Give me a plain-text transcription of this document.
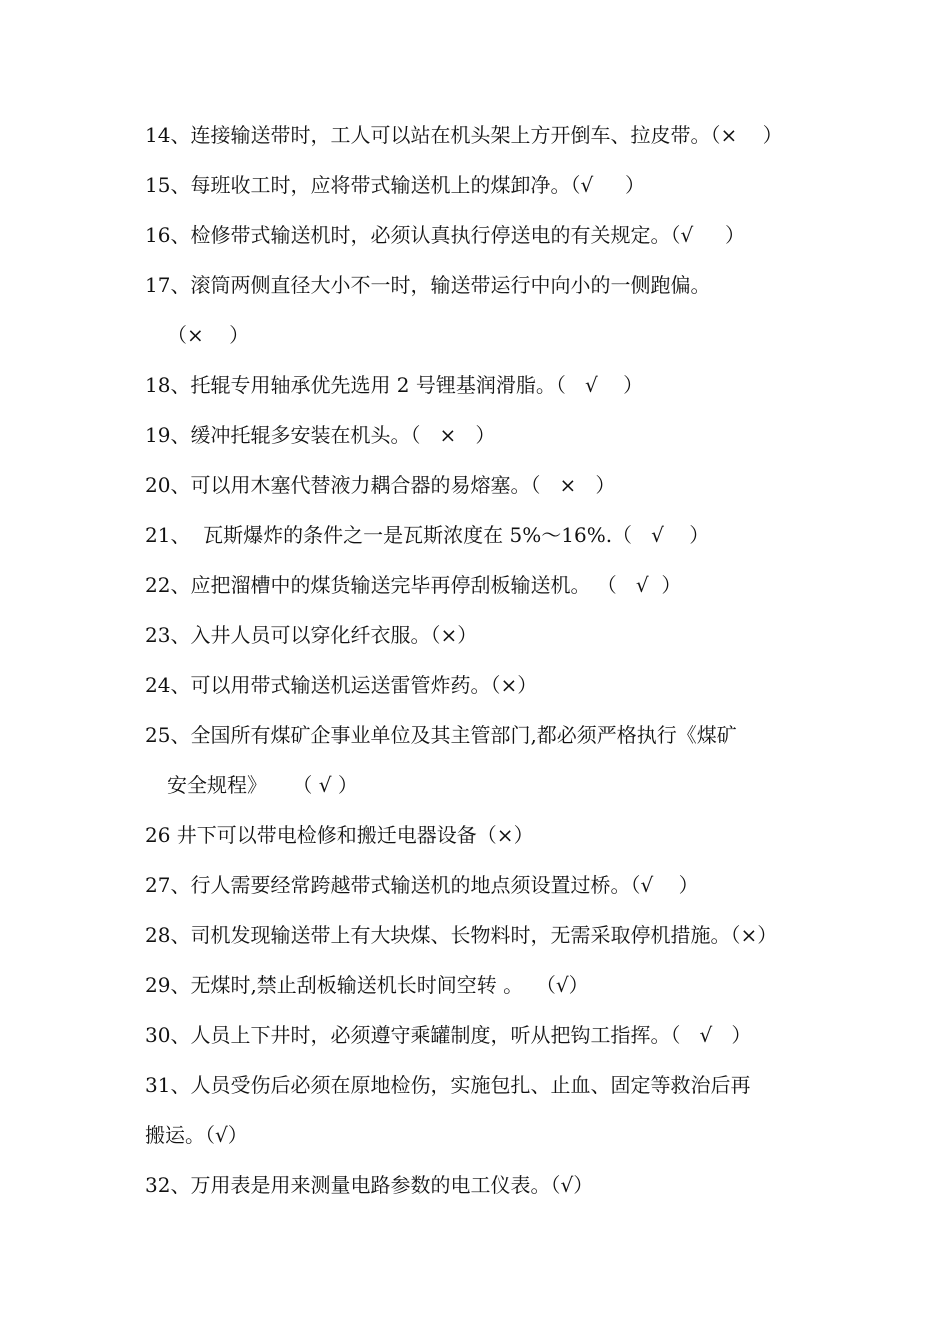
14、连接输送带时，工人可以站在机头架上方开倒车、拉皮带。（×    ）
15、每班收工时，应将带式输送机上的煤卸净。（√     ）
16、检修带式输送机时，必须认真执行停送电的有关规定。（√     ）
17、滚筒两侧直径大小不一时，输送带运行中向小的一侧跑偏。
（×    ）
18、托辊专用轴承优先选用 2 号锂基润滑脂。（   √    ）
19、缓冲托辊多安装在机头。（   ×   ）
20、可以用木塞代替液力耦合器的易熔塞。（   ×   ）
21、  瓦斯爆炸的条件之一是瓦斯浓度在 5%～16%.（   √    ）
22、应把溜槽中的煤货输送完毕再停刮板输送机。 （   √  ）
23、入井人员可以穿化纤衣服。（×）
24、可以用带式输送机运送雷管炸药。（×）
25、全国所有煤矿企事业单位及其主管部门,都必须严格执行《煤矿
安全规程》    （ √ ）
26 井下可以带电检修和搬迁电器设备（×）
27、行人需要经常跨越带式输送机的地点须设置过桥。（√    ）
28、司机发现输送带上有大块煤、长物料时，无需采取停机措施。（×）
29、无煤时,禁止刮板输送机长时间空转 。  （√）
30、人员上下井时，必须遵守乘罐制度，听从把钩工指挥。（   √   ）
31、人员受伤后必须在原地检伤，实施包扎、止血、固定等救治后再
搬运。（√）
32、万用表是用来测量电路参数的电工仪表。（√）
